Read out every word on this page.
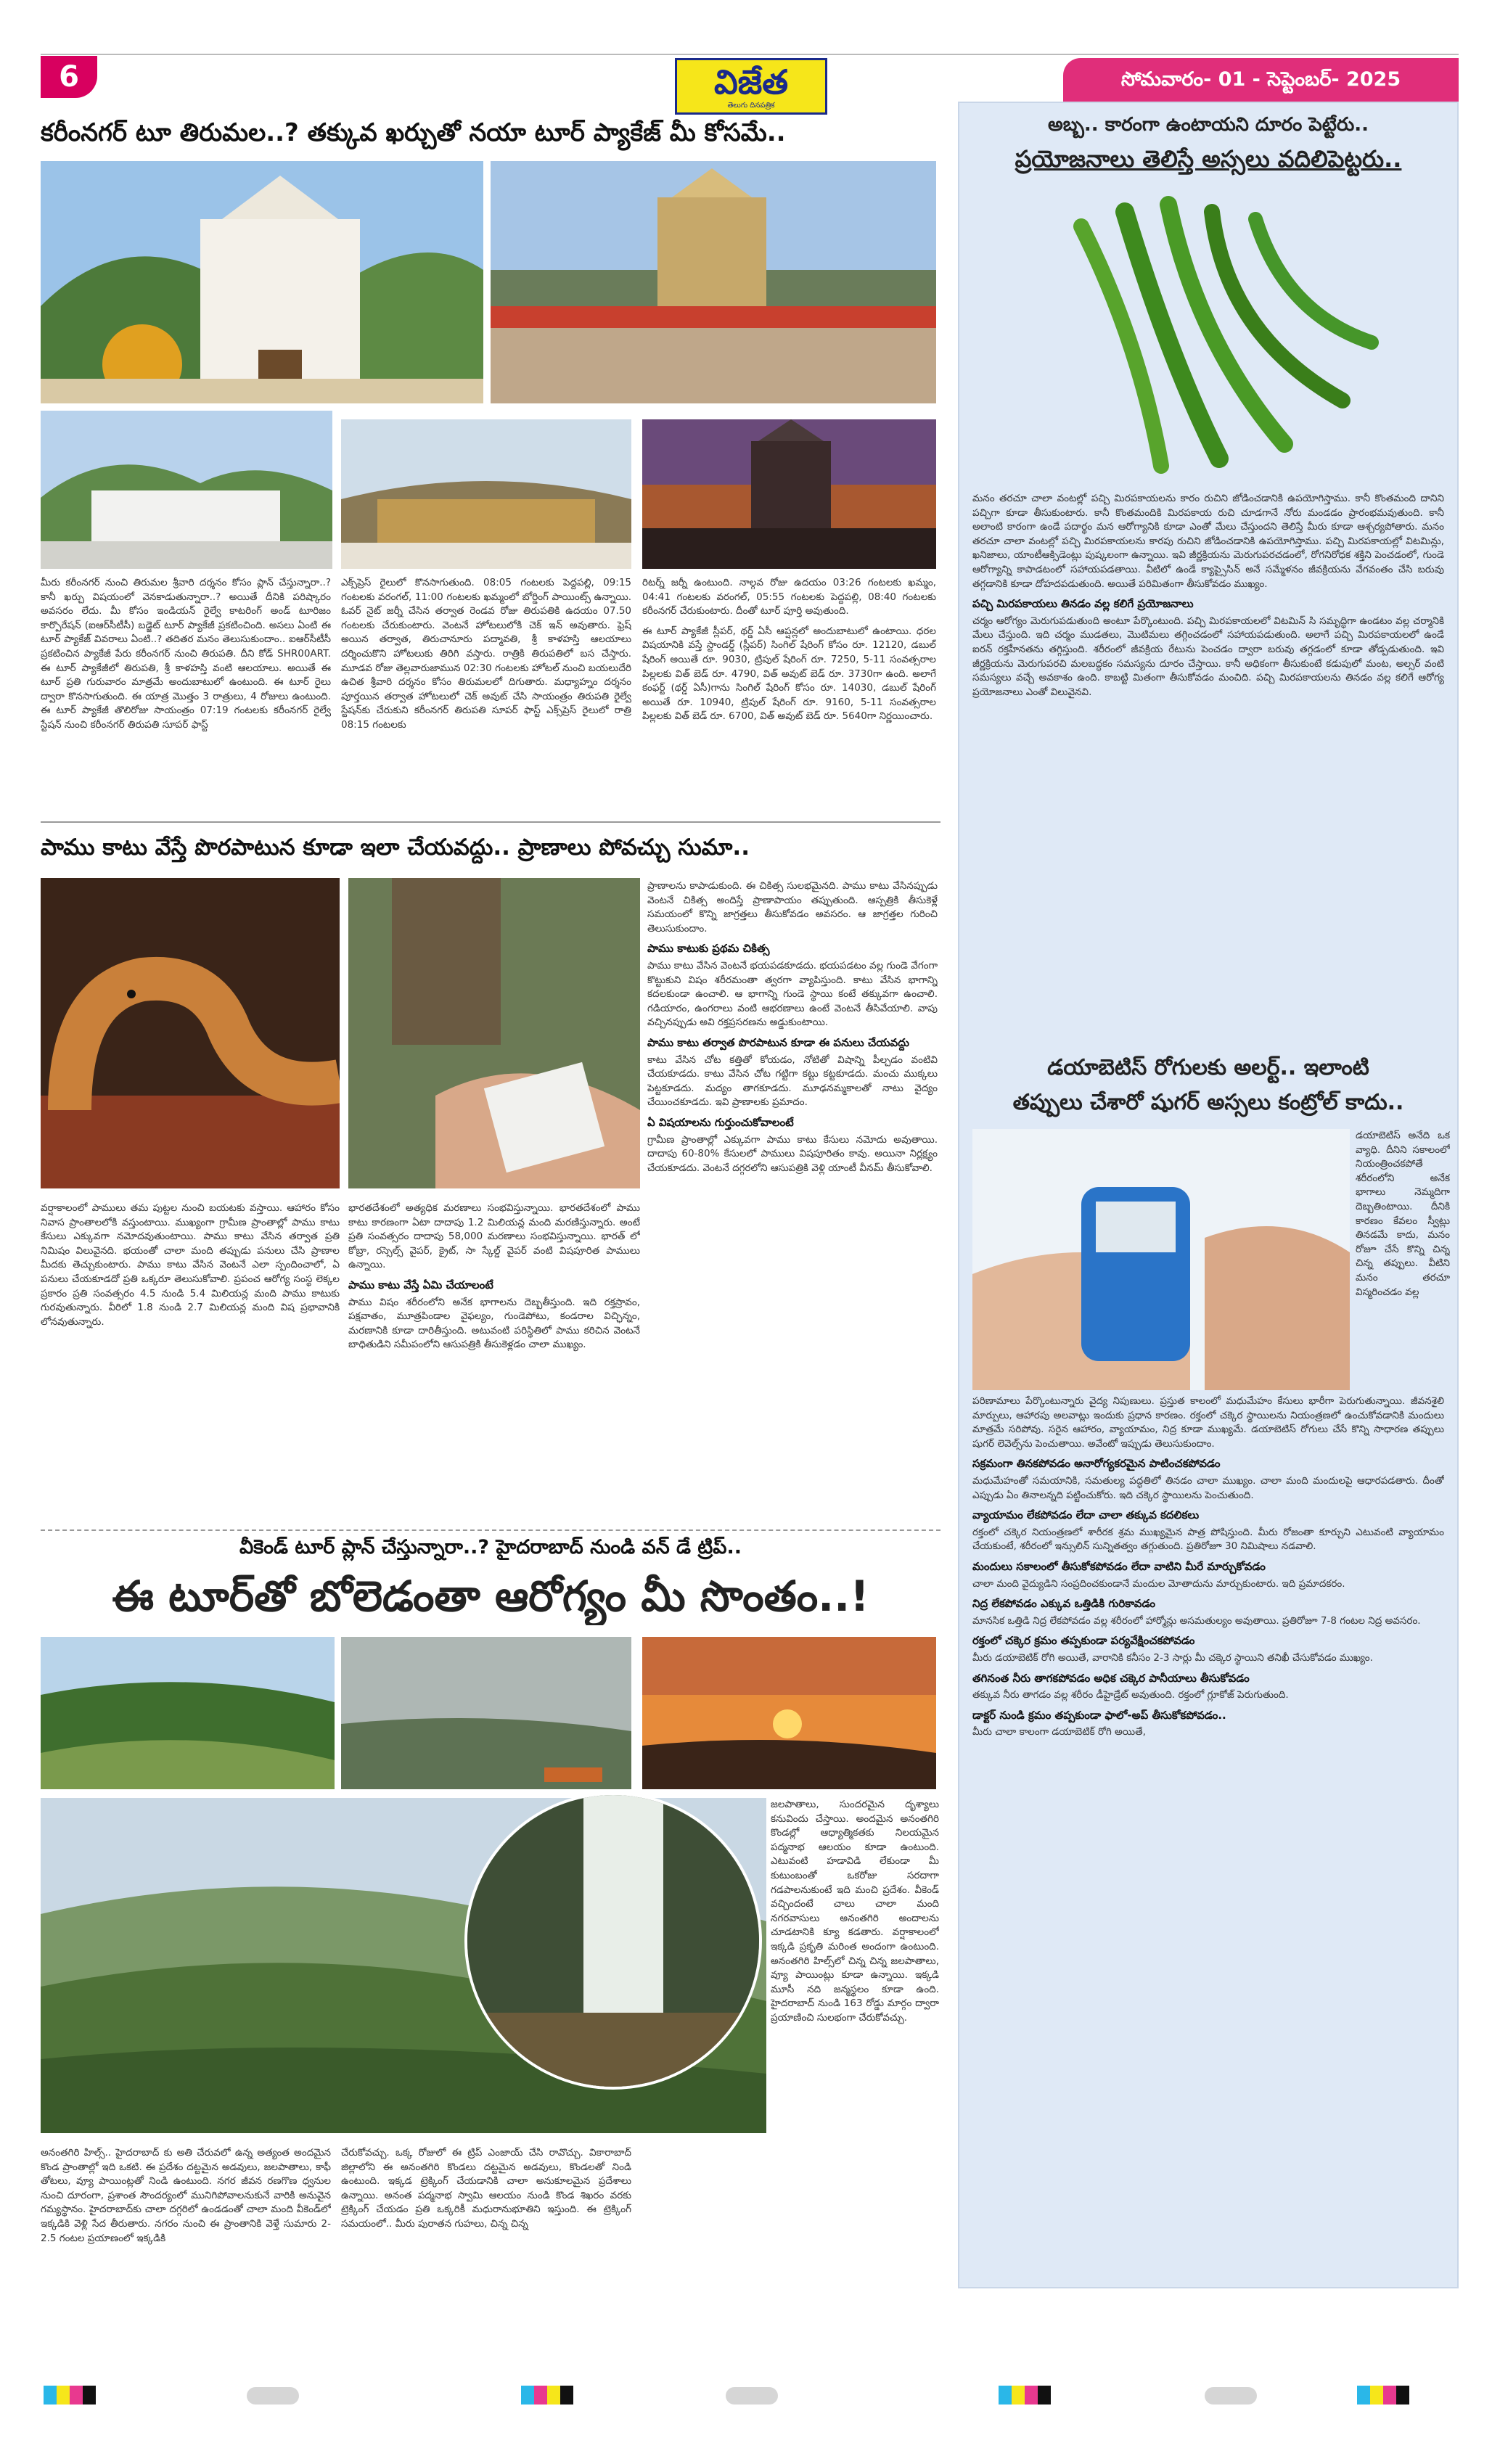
6	విజేత
తెలుగు దినపత్రిక
సోమవారం- 01 - సెప్టెంబర్- 2025
కరీంనగర్ టూ తిరుమల..? తక్కువ ఖర్చుతో నయా టూర్ ప్యాకేజ్ మీ కోసమే..
మీరు కరీంనగర్ నుంచి తిరుమల శ్రీవారి దర్శనం కోసం ప్లాన్ చేస్తున్నారా..? కానీ ఖర్చు విషయంలో వెనకాడుతున్నారా..? అయితే దీనికి పరిష్కారం అవసరం లేదు. మీ కోసం ఇండియన్ రైల్వే కాటరింగ్ అండ్ టూరిజం కార్పొరేషన్ (ఐఆర్‌సీటీసీ) బడ్జెట్ టూర్ ప్యాకేజీ ప్రకటించింది. అసలు ఏంటి ఈ టూర్ ప్యాకేజ్ వివరాలు ఏంటి..? తదితర మనం తెలుసుకుందాం.. ఐఆర్‌సీటీసీ ప్రకటించిన ప్యాకేజీ పేరు కరీంనగర్ నుంచి తిరుపతి. దీని కోడ్ SHR00ART. ఈ టూర్ ప్యాకేజీలో తిరుపతి, శ్రీ కాళహస్తి వంటి ఆలయాలు. అయితే ఈ టూర్ ప్రతి గురువారం మాత్రమే అందుబాటులో ఉంటుంది. ఈ టూర్ రైలు ద్వారా కొనసాగుతుంది. ఈ యాత్ర మొత్తం 3 రాత్రులు, 4 రోజులు ఉంటుంది. ఈ టూర్ ప్యాకేజీ తొలిరోజు సాయంత్రం 07:19 గంటలకు కరీంనగర్ రైల్వే స్టేషన్ నుంచి కరీంనగర్ తిరుపతి సూపర్ ఫాస్ట్
ఎక్స్‌ప్రెస్ రైలులో కొనసాగుతుంది. 08:05 గంటలకు పెద్దపల్లి, 09:15 గంటలకు వరంగల్, 11:00 గంటలకు ఖమ్మంలో బోర్డింగ్ పాయింట్స్ ఉన్నాయి. ఓవర్ నైట్ జర్నీ చేసిన తర్వాత రెండవ రోజు తిరుపతికి ఉదయం 07.50 గంటలకు చేరుకుంటారు. వెంటనే హోటలులోకి చెక్ ఇన్ అవుతారు. ఫ్రెష్ అయిన తర్వాత, తిరుచానూరు పద్మావతి, శ్రీ కాళహస్తి ఆలయాలు దర్శించుకొని హోటలుకు తిరిగి వస్తారు. రాత్రికి తిరుపతిలో బస చేస్తారు. మూడవ రోజు తెల్లవారుజామున 02:30 గంటలకు హోటల్ నుంచి బయలుదేరి ఉచిత శ్రీవారి దర్శనం కోసం తిరుమలలో దిగుతారు. మధ్యాహ్నం దర్శనం పూర్తయిన తర్వాత హోటలులో చెక్ అవుట్ చేసి సాయంత్రం తిరుపతి రైల్వే స్టేషన్‌కు చేరుకుని కరీంనగర్ తిరుపతి సూపర్ ఫాస్ట్ ఎక్స్‌ప్రెస్ రైలులో రాత్రి 08:15 గంటలకు
రిటర్న్ జర్నీ ఉంటుంది. నాల్గవ రోజు ఉదయం 03:26 గంటలకు ఖమ్మం, 04:41 గంటలకు వరంగల్, 05:55 గంటలకు పెద్దపల్లి, 08:40 గంటలకు కరీంనగర్ చేరుకుంటారు. దీంతో టూర్ పూర్తి అవుతుంది.
ఈ టూర్ ప్యాకేజీ స్లీపర్, థర్డ్ ఏసీ ఆప్షన్లలో అందుబాటులో ఉంటాయి. ధరల విషయానికి వస్తే స్టాండర్డ్ (స్లీపర్) సింగిల్ షేరింగ్ కోసం రూ. 12120, డబుల్ షేరింగ్ అయితే రూ. 9030, ట్రిపుల్ షేరింగ్ రూ. 7250, 5-11 సంవత్సరాల పిల్లలకు విత్ బెడ్ రూ. 4790, విత్ అవుట్ బెడ్ రూ. 3730గా ఉంది. అలాగే కంఫర్ట్ (థర్డ్ ఏసీ)గాను సింగిల్ షేరింగ్ కోసం రూ. 14030, డబుల్ షేరింగ్ అయితే రూ. 10940, ట్రిపుల్ షేరింగ్ రూ. 9160, 5-11 సంవత్సరాల పిల్లలకు విత్ బెడ్ రూ. 6700, విత్ అవుట్ బెడ్ రూ. 5640గా నిర్ణయించారు.
పాము కాటు వేస్తే పొరపాటున కూడా ఇలా చేయవద్దు.. ప్రాణాలు పోవచ్చు సుమా..
ప్రాణాలను కాపాడుకుంది. ఈ చికిత్స సులభమైనది. పాము కాటు వేసినప్పుడు వెంటనే చికిత్స అందిస్తే ప్రాణాపాయం తప్పుతుంది. ఆస్పత్రికి తీసుకెళ్లే సమయంలో కొన్ని జాగ్రత్తలు తీసుకోవడం అవసరం. ఆ జాగ్రత్తల గురించి తెలుసుకుందాం.
పాము కాటుకు ప్రథమ చికిత్స
పాము కాటు వేసిన వెంటనే భయపడకూడదు. భయపడటం వల్ల గుండె వేగంగా కొట్టుకుని విషం శరీరమంతా త్వరగా వ్యాపిస్తుంది. కాటు వేసిన భాగాన్ని కదలకుండా ఉంచాలి. ఆ భాగాన్ని గుండె స్థాయి కంటే తక్కువగా ఉంచాలి. గడియారం, ఉంగరాలు వంటి ఆభరణాలు ఉంటే వెంటనే తీసివేయాలి. వాపు వచ్చినప్పుడు అవి రక్తప్రసరణను అడ్డుకుంటాయి.
పాము కాటు తర్వాత పొరపాటున కూడా ఈ పనులు చేయవద్దు
కాటు వేసిన చోట కత్తితో కోయడం, నోటితో విషాన్ని పీల్చడం వంటివి చేయకూడదు. కాటు వేసిన చోట గట్టిగా కట్టు కట్టకూడదు. మంచు ముక్కలు పెట్టకూడదు. మద్యం తాగకూడదు. మూఢనమ్మకాలతో నాటు వైద్యం చేయించకూడదు. ఇవి ప్రాణాలకు ప్రమాదం.
ఏ విషయాలను గుర్తుంచుకోవాలంటే
గ్రామీణ ప్రాంతాల్లో ఎక్కువగా పాము కాటు కేసులు నమోదు అవుతాయి. దాదాపు 60-80% కేసులలో పాములు విషపూరితం కావు. అయినా నిర్లక్ష్యం చేయకూడదు. వెంటనే దగ్గరలోని ఆసుపత్రికి వెళ్లి యాంటీ వీనమ్ తీసుకోవాలి.
వర్షాకాలంలో పాములు తమ పుట్టల నుంచి బయటకు వస్తాయి. ఆహారం కోసం నివాస ప్రాంతాలలోకి వస్తుంటాయి. ముఖ్యంగా గ్రామీణ ప్రాంతాల్లో పాము కాటు కేసులు ఎక్కువగా నమోదవుతుంటాయి. పాము కాటు వేసిన తర్వాత ప్రతి నిమిషం విలువైనది. భయంతో చాలా మంది తప్పుడు పనులు చేసి ప్రాణాల మీదకు తెచ్చుకుంటారు. పాము కాటు వేసిన వెంటనే ఎలా స్పందించాలో, ఏ పనులు చేయకూడదో ప్రతి ఒక్కరూ తెలుసుకోవాలి. ప్రపంచ ఆరోగ్య సంస్థ లెక్కల ప్రకారం ప్రతి సంవత్సరం 4.5 నుండి 5.4 మిలియన్ల మంది పాము కాటుకు గురవుతున్నారు. వీరిలో 1.8 నుండి 2.7 మిలియన్ల మంది విష ప్రభావానికి లోనవుతున్నారు.
భారతదేశంలో అత్యధిక మరణాలు సంభవిస్తున్నాయి. భారతదేశంలో పాము కాటు కారణంగా ఏటా దాదాపు 1.2 మిలియన్ల మంది మరణిస్తున్నారు. అంటే ప్రతి సంవత్సరం దాదాపు 58,000 మరణాలు సంభవిస్తున్నాయి. భారత్ లో కోబ్రా, రస్సెల్స్ వైపర్, క్రైట్, సా స్కేల్డ్ వైపర్ వంటి విషపూరిత పాములు ఉన్నాయి.
పాము కాటు వేస్తే ఏమి చేయాలంటే
పాము విషం శరీరంలోని అనేక భాగాలను దెబ్బతీస్తుంది. ఇది రక్తస్రావం, పక్షవాతం, మూత్రపిండాల వైఫల్యం, గుండెపోటు, కండరాల విచ్ఛిన్నం, మరణానికి కూడా దారితీస్తుంది. అటువంటి పరిస్థితిలో పాము కరిచిన వెంటనే బాధితుడిని సమీపంలోని ఆసుపత్రికి తీసుకెళ్లడం చాలా ముఖ్యం.
వీకెండ్ టూర్ ప్లాన్ చేస్తున్నారా..? హైదరాబాద్ నుండి వన్ డే ట్రిప్..
ఈ టూర్‌తో బోలెడంతా ఆరోగ్యం మీ సొంతం..!
జలపాతాలు, సుందరమైన దృశ్యాలు కనువిందు చేస్తాయి. అందమైన అనంతగిరి కొండల్లో ఆధ్యాత్మికతకు నిలయమైన పద్మనాభ ఆలయం కూడా ఉంటుంది. ఎటువంటి హడావిడి లేకుండా మీ కుటుంబంతో ఒకరోజు సరదాగా గడపాలనుకుంటే ఇది మంచి ప్రదేశం. వీకెండ్ వచ్చిందంటే చాలు చాలా మంది నగరవాసులు అనంతగిరి అందాలను చూడటానికి క్యూ కడతారు. వర్షాకాలంలో ఇక్కడి ప్రకృతి మరింత అందంగా ఉంటుంది. అనంతగిరి హిల్స్‌లో చిన్న చిన్న జలపాతాలు, వ్యూ పాయింట్లు కూడా ఉన్నాయి. ఇక్కడి మూసీ నది జన్మస్థలం కూడా ఉంది. హైదరాబాద్ నుండి 163 రోడ్డు మార్గం ద్వారా ప్రయాణించి సులభంగా చేరుకోవచ్చు.
అనంతగిరి హిల్స్.. హైదరాబాద్ కు అతి చేరువలో ఉన్న అత్యంత అందమైన కొండ ప్రాంతాల్లో ఇది ఒకటి. ఈ ప్రదేశం దట్టమైన అడవులు, జలపాతాలు, కాఫీ తోటలు, వ్యూ పాయింట్లతో నిండి ఉంటుంది. నగర జీవన రణగొణ ధ్వనుల నుంచి దూరంగా, ప్రశాంత సౌందర్యంలో మునిగిపోవాలనుకునే వారికి అనువైన గమ్యస్థానం. హైదరాబాద్‌కు చాలా దగ్గరిలో ఉండడంతో చాలా మంది వీకెండ్‌లో ఇక్కడికి వెళ్లి సేద తీరుతారు. నగరం నుంచి ఈ ప్రాంతానికి వెళ్తే సుమారు 2-2.5 గంటల ప్రయాణంలో ఇక్కడికి
చేరుకోవచ్చు. ఒక్క రోజులో ఈ ట్రిప్ ఎంజాయ్ చేసి రావొచ్చు. వికారాబాద్ జిల్లాలోని ఈ అనంతగిరి కొండలు దట్టమైన అడవులు, కొండలతో నిండి ఉంటుంది. ఇక్కడ ట్రెక్కింగ్ చేయడానికి చాలా అనుకూలమైన ప్రదేశాలు ఉన్నాయి. అనంత పద్మనాభ స్వామి ఆలయం నుండి కొండ శిఖరం వరకు ట్రెక్కింగ్ చేయడం ప్రతి ఒక్కరికీ మధురానుభూతిని ఇస్తుంది. ఈ ట్రెక్కింగ్ సమయంలో.. మీరు పురాతన గుహలు, చిన్న చిన్న
అబ్బ.. కారంగా ఉంటాయని దూరం పెట్టేరు..
ప్రయోజనాలు తెలిస్తే అస్సలు వదిలిపెట్టరు..
మనం తరచూ చాలా వంటల్లో పచ్చి మిరపకాయలను కారం రుచిని జోడించడానికి ఉపయోగిస్తాము. కానీ కొంతమంది దానిని పచ్చిగా కూడా తీసుకుంటారు. కానీ కొంతమందికి మిరపకాయ రుచి చూడగానే నోరు మండడం ప్రారంభమవుతుంది. కానీ అలాంటి కారంగా ఉండే పదార్థం మన ఆరోగ్యానికి కూడా ఎంతో మేలు చేస్తుందని తెలిస్తే మీరు కూడా ఆశ్చర్యపోతారు. మనం తరచూ చాలా వంటల్లో పచ్చి మిరపకాయలను కారపు రుచిని జోడించడానికి ఉపయోగిస్తాము. పచ్చి మిరపకాయల్లో విటమిన్లు, ఖనిజాలు, యాంటీఆక్సిడెంట్లు పుష్కలంగా ఉన్నాయి. ఇవి జీర్ణక్రియను మెరుగుపరచడంలో, రోగనిరోధక శక్తిని పెంచడంలో, గుండె ఆరోగ్యాన్ని కాపాడటంలో సహాయపడతాయి. వీటిలో ఉండే క్యాప్సైసిన్ అనే సమ్మేళనం జీవక్రియను వేగవంతం చేసి బరువు తగ్గడానికి కూడా దోహదపడుతుంది. అయితే పరిమితంగా తీసుకోవడం ముఖ్యం.
పచ్చి మిరపకాయలు తినడం వల్ల కలిగే ప్రయోజనాలు
చర్మం ఆరోగ్యం మెరుగుపడుతుంది అంటూ పేర్కొంటుంది. పచ్చి మిరపకాయలలో విటమిన్ సి సమృద్ధిగా ఉండటం వల్ల చర్మానికి మేలు చేస్తుంది. ఇది చర్మం ముడతలు, మొటిమలు తగ్గించడంలో సహాయపడుతుంది. అలాగే పచ్చి మిరపకాయలలో ఉండే ఐరన్ రక్తహీనతను తగ్గిస్తుంది. శరీరంలో జీవక్రియ రేటును పెంచడం ద్వారా బరువు తగ్గడంలో కూడా తోడ్పడుతుంది. ఇవి జీర్ణక్రియను మెరుగుపరచి మలబద్ధకం సమస్యను దూరం చేస్తాయి. కానీ అధికంగా తీసుకుంటే కడుపులో మంట, అల్సర్ వంటి సమస్యలు వచ్చే అవకాశం ఉంది. కాబట్టి మితంగా తీసుకోవడం మంచిది. పచ్చి మిరపకాయలను తినడం వల్ల కలిగే ఆరోగ్య ప్రయోజనాలు ఎంతో విలువైనవి.
డయాబెటిస్ రోగులకు అలర్ట్.. ఇలాంటి
తప్పులు చేశారో షుగర్ అస్సలు కంట్రోల్ కాదు..
డయాబెటిస్ అనేది ఒక వ్యాధి. దీనిని సకాలంలో నియంత్రించకపోతే శరీరంలోని అనేక భాగాలు నెమ్మదిగా దెబ్బతింటాయి. దీనికి కారణం కేవలం స్వీట్లు తినడమే కాదు, మనం రోజూ చేసే కొన్ని చిన్న చిన్న తప్పులు. వీటిని మనం తరచూ విస్మరించడం వల్ల
పరిణామాలు పేర్కొంటున్నారు వైద్య నిపుణులు. ప్రస్తుత కాలంలో మధుమేహం కేసులు భారీగా పెరుగుతున్నాయి. జీవనశైలి మార్పులు, ఆహారపు అలవాట్లు ఇందుకు ప్రధాన కారణం. రక్తంలో చక్కెర స్థాయిలను నియంత్రణలో ఉంచుకోవడానికి మందులు మాత్రమే సరిపోవు. సరైన ఆహారం, వ్యాయామం, నిద్ర కూడా ముఖ్యమే. డయాబెటిస్ రోగులు చేసే కొన్ని సాధారణ తప్పులు షుగర్ లెవెల్స్‌ను పెంచుతాయి. అవేంటో ఇప్పుడు తెలుసుకుందాం.
సక్రమంగా తినకపోవడం అనారోగ్యకరమైన పాటించకపోవడం
మధుమేహంతో సమయానికి, సమతుల్య పద్ధతిలో తినడం చాలా ముఖ్యం. చాలా మంది మందులపై ఆధారపడతారు. దీంతో ఎప్పుడు ఏం తినాలన్నది పట్టించుకోరు. ఇది చక్కెర స్థాయిలను పెంచుతుంది.
వ్యాయామం లేకపోవడం లేదా చాలా తక్కువ కదలికలు
రక్తంలో చక్కెర నియంత్రణలో శారీరక శ్రమ ముఖ్యమైన పాత్ర పోషిస్తుంది. మీరు రోజంతా కూర్చుని ఎటువంటి వ్యాయామం చేయకుంటే, శరీరంలో ఇన్సులిన్ సున్నితత్వం తగ్గుతుంది. ప్రతిరోజూ 30 నిమిషాలు నడవాలి.
మందులు సకాలంలో తీసుకోకపోవడం లేదా వాటిని మీరే మార్చుకోవడం
చాలా మంది వైద్యుడిని సంప్రదించకుండానే మందుల మోతాదును మార్చుకుంటారు. ఇది ప్రమాదకరం.
నిద్ర లేకపోవడం ఎక్కువ ఒత్తిడికి గురికావడం
మానసిక ఒత్తిడి నిద్ర లేకపోవడం వల్ల శరీరంలో హార్మోన్లు అసమతుల్యం అవుతాయి. ప్రతిరోజూ 7-8 గంటల నిద్ర అవసరం.
రక్తంలో చక్కెర క్రమం తప్పకుండా పర్యవేక్షించకపోవడం
మీరు డయాబెటిక్ రోగి అయితే, వారానికి కనీసం 2-3 సార్లు మీ చక్కెర స్థాయిని తనిఖీ చేసుకోవడం ముఖ్యం.
తగినంత నీరు తాగకపోవడం అధిక చక్కెర పానీయాలు తీసుకోవడం
తక్కువ నీరు తాగడం వల్ల శరీరం డీహైడ్రేట్ అవుతుంది. రక్తంలో గ్లూకోజ్ పెరుగుతుంది.
డాక్టర్ నుండి క్రమం తప్పకుండా ఫాలో-అప్ తీసుకోకపోవడం..
మీరు చాలా కాలంగా డయాబెటిక్ రోగి అయితే,
